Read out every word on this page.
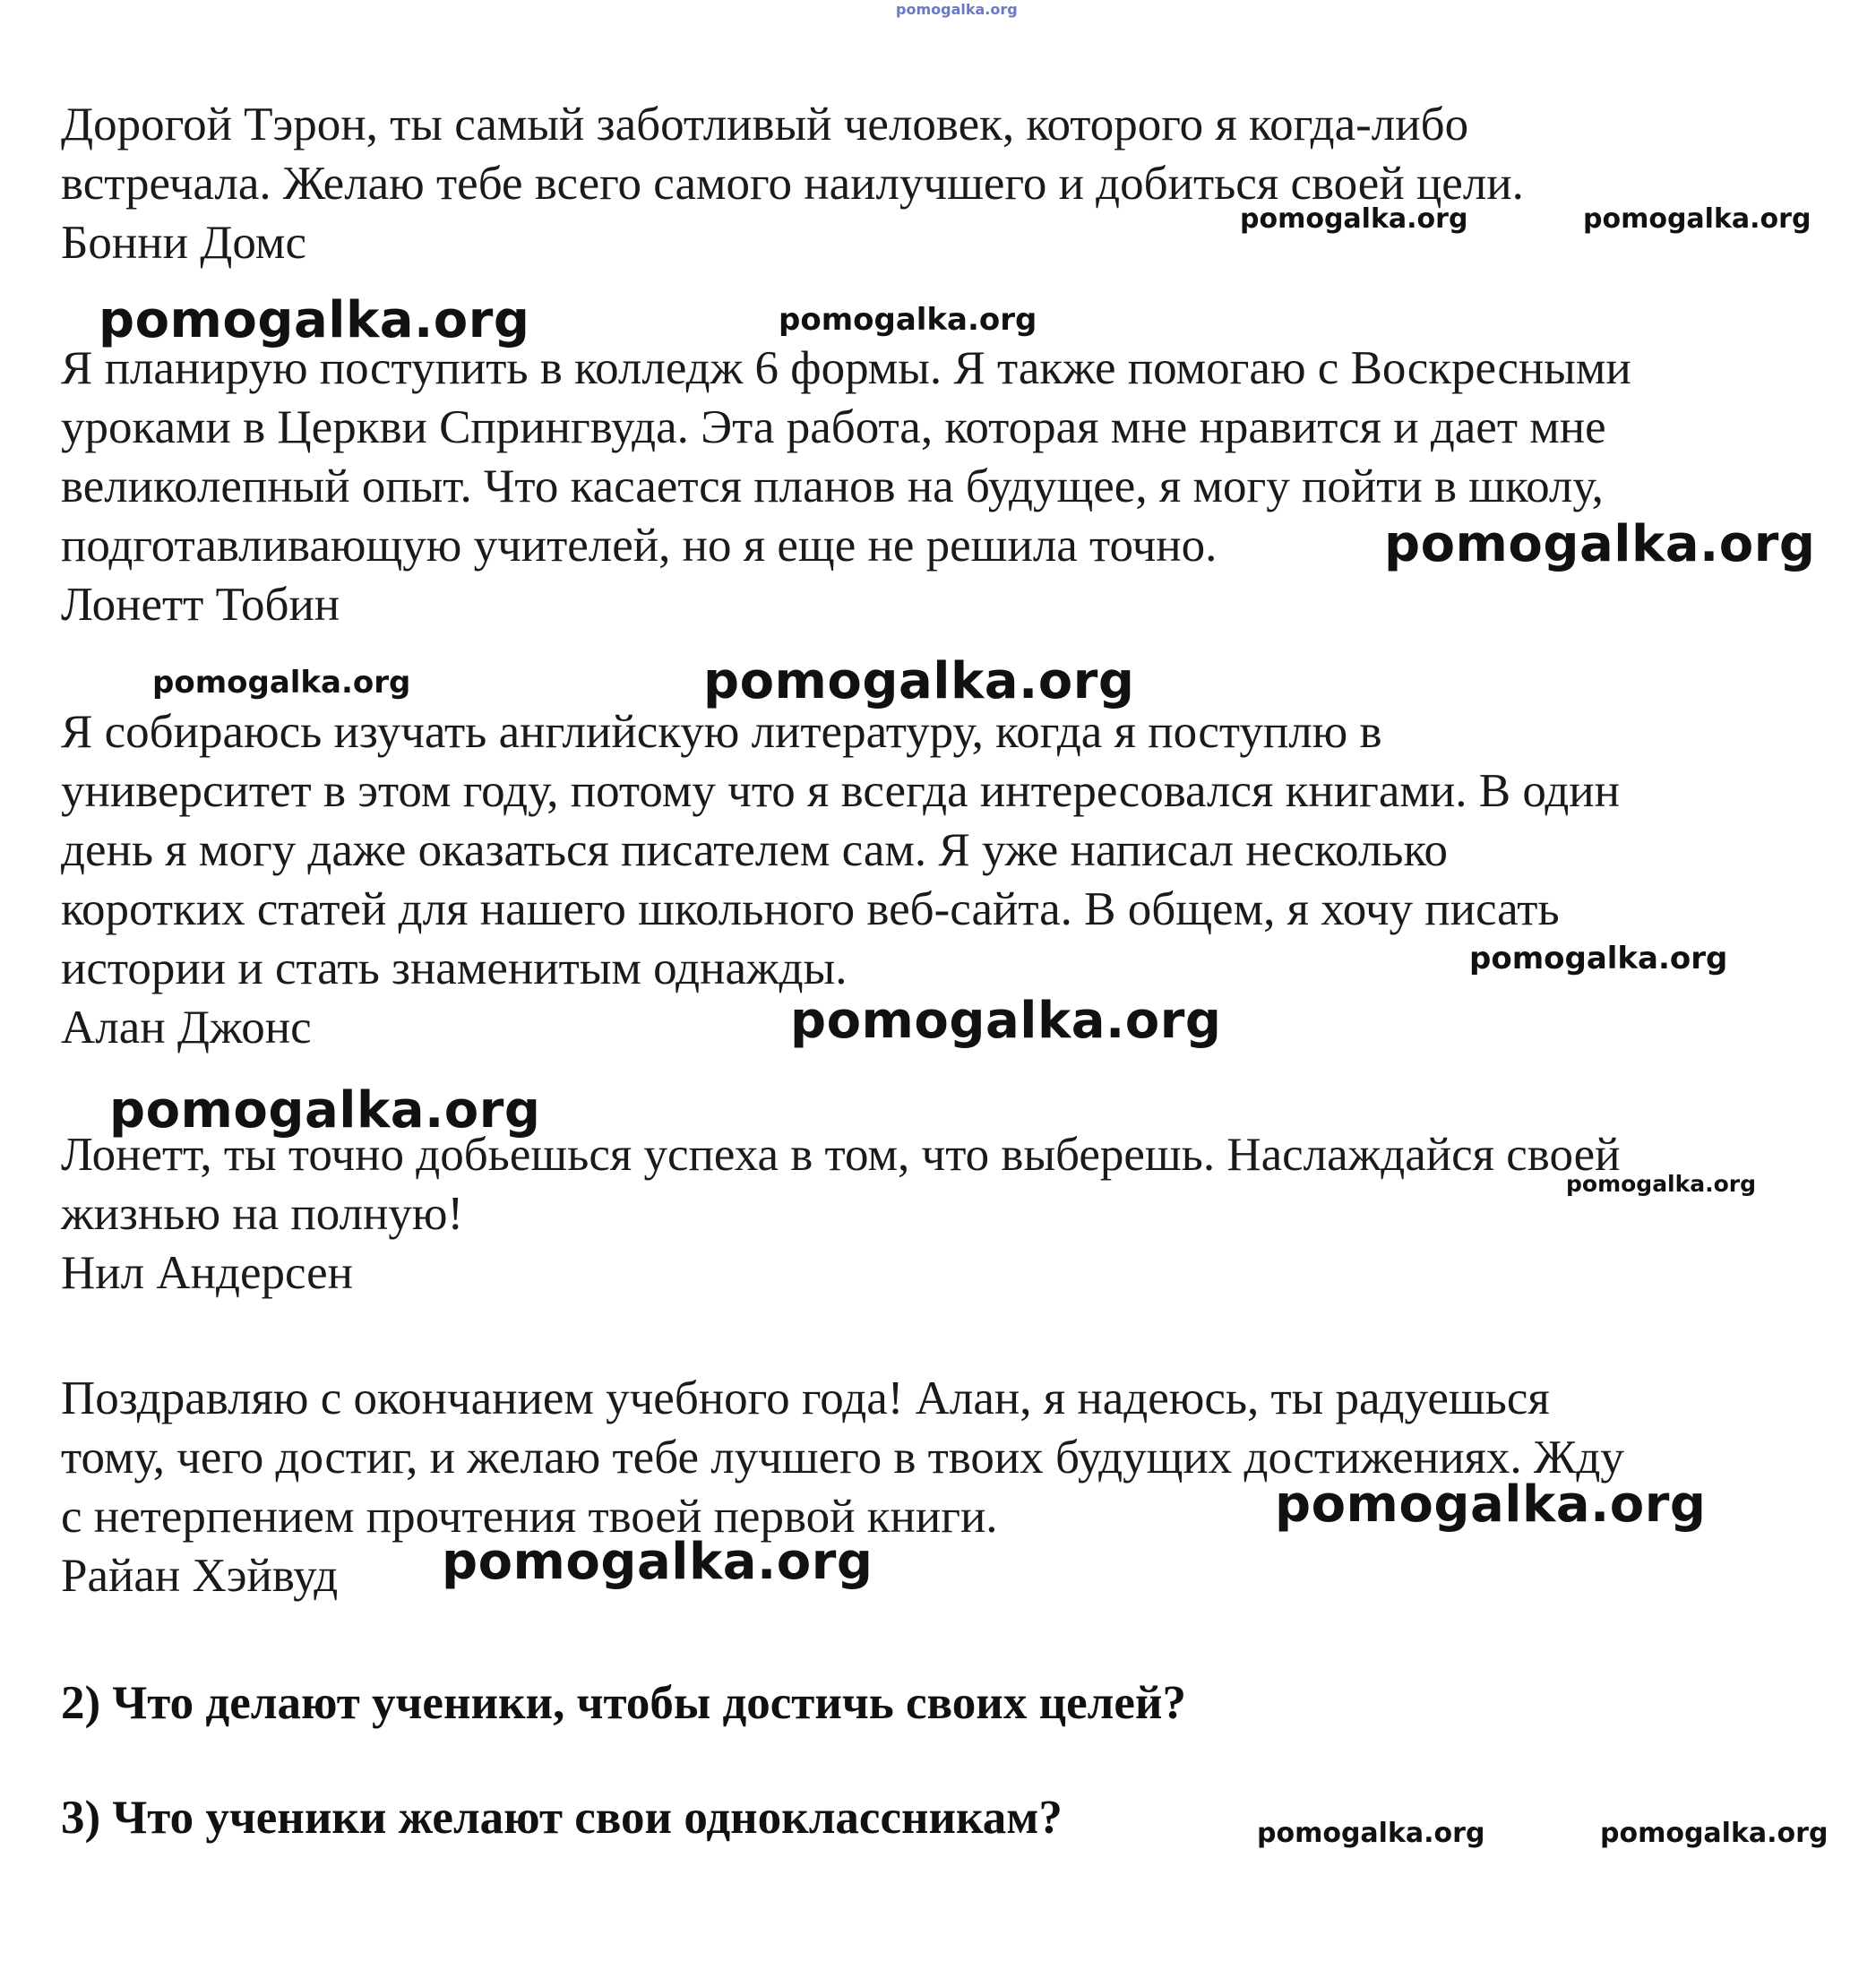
pomogalka.org
Дорогой Тэрон, ты самый заботливый человек, которого я когда-либо
встречала. Желаю тебе всего самого наилучшего и добиться своей цели.
Бонни Домс	pomogalka.org	pomogalka.org
pomogalka.org	pomogalka.org
Я планирую поступить в колледж 6 формы. Я также помогаю с Воскресными
уроками в Церкви Спрингвуда. Эта работа, которая мне нравится и дает мне
великолепный опыт. Что касается планов на будущее, я могу пойти в школу,
подготавливающую учителей, но я еще не решила точно.	pomogalka.org
Лонетт Тобин
pomogalka.org	pomogalka.org
Я собираюсь изучать английскую литературу, когда я поступлю в
университет в этом году, потому что я всегда интересовался книгами. В один
день я могу даже оказаться писателем сам. Я уже написал несколько
коротких статей для нашего школьного веб-сайта. В общем, я хочу писать
pomogalka.org
истории и стать знаменитым однажды.
pomogalka.org
Алан Джонс
pomogalka.org
Лонетт, ты точно добьешься успеха в том, что выберешь. Наслаждайся своей
pomogalka.org
жизнью на полную!
Нил Андерсен
Поздравляю с окончанием учебного года! Алан, я надеюсь, ты радуешься
тому, чего достиг, и желаю тебе лучшего в твоих будущих достижениях. Жду
pomogalka.org
с нетерпением прочтения твоей первой книги.
pomogalka.org
Райан Хэйвуд
2) Что делают ученики, чтобы достичь своих целей?
3) Что ученики желают свои одноклассникам?	pomogalka.org	pomogalka.org
